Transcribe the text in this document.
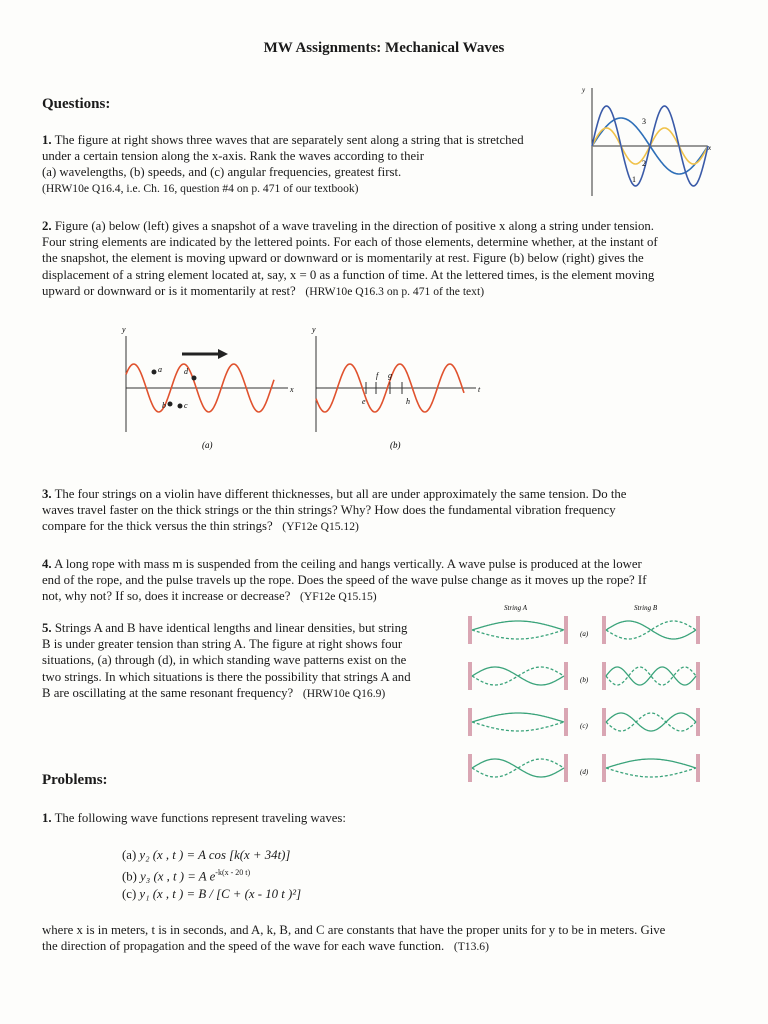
MW Assignments: Mechanical Waves
Questions:
1. The figure at right shows three waves that are separately sent along a string that is stretched
under a certain tension along the x-axis. Rank the waves according to their
(a) wavelengths, (b) speeds, and (c) angular frequencies, greatest first.
(HRW10e Q16.4, i.e. Ch. 16, question #4 on p. 471 of our textbook)
y
x
3
2
1
2. Figure (a) below (left) gives a snapshot of a wave traveling in the direction of positive x along a string under tension.
Four string elements are indicated by the lettered points. For each of those elements, determine whether, at the instant of
the snapshot, the element is moving upward or downward or is momentarily at rest. Figure (b) below (right) gives the
displacement of a string element located at, say, x = 0 as a function of time. At the lettered times, is the element moving
upward or downward or is it momentarily at rest? (HRW10e Q16.3 on p. 471 of the text)
y
x
a
b c
d
(a)
y
t
e
f g
h
(b)
3. The four strings on a violin have different thicknesses, but all are under approximately the same tension. Do the
waves travel faster on the thick strings or the thin strings? Why? How does the fundamental vibration frequency
compare for the thick versus the thin strings? (YF12e Q15.12)
4. A long rope with mass m is suspended from the ceiling and hangs vertically. A wave pulse is produced at the lower
end of the rope, and the pulse travels up the rope. Does the speed of the wave pulse change as it moves up the rope? If
not, why not? If so, does it increase or decrease? (YF12e Q15.15)
5. Strings A and B have identical lengths and linear densities, but string
B is under greater tension than string A. The figure at right shows four
situations, (a) through (d), in which standing wave patterns exist on the
two strings. In which situations is there the possibility that strings A and
B are oscillating at the same resonant frequency? (HRW10e Q16.9)
String A	String B
(a)
(b)
(c)
(d)
Problems:
1. The following wave functions represent traveling waves:
(a) y₂ (x , t ) = A cos [k(x + 34t)]
(b) y₃ (x , t ) = A $e^{-k(x - 20 t)}$
(c) y₁ (x , t ) = B / [C + (x - 10 t )²]
where x is in meters, t is in seconds, and A, k, B, and C are constants that have the proper units for y to be in meters. Give
the direction of propagation and the speed of the wave for each wave function. (T13.6)
